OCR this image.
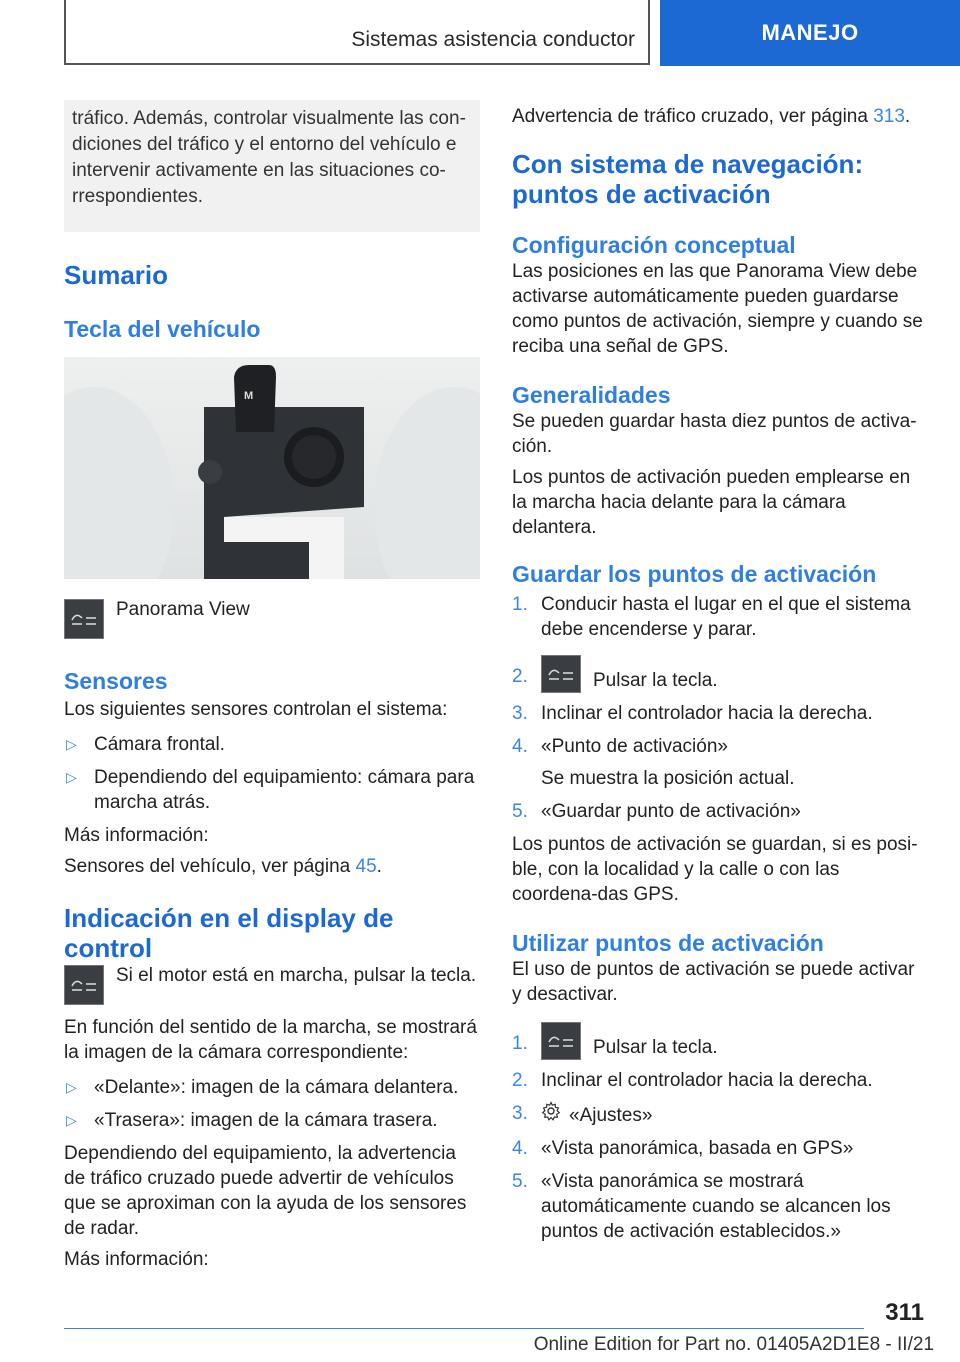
Sistemas asistencia conductor	MANEJO

tráfico. Además, controlar visualmente las con-diciones del tráfico y el entorno del vehículo e intervenir activamente en las situaciones co-rrespondientes.

Sumario
Tecla del vehículo
M

Panorama View

Sensores

Los siguientes sensores controlan el sistema:

▷ Cámara frontal.
▷ Dependiendo del equipamiento: cámara para marcha atrás.

Más información:

Sensores del vehículo, ver página 45.

Indicación en el display de control

Si el motor está en marcha, pulsar la tecla.

En función del sentido de la marcha, se mostrará la imagen de la cámara correspondiente:

▷ «Delante»: imagen de la cámara delantera.
▷ «Trasera»: imagen de la cámara trasera.

Dependiendo del equipamiento, la advertencia de tráfico cruzado puede advertir de vehículos que se aproximan con la ayuda de los sensores de radar.

Más información:

Advertencia de tráfico cruzado, ver página 313.

Con sistema de navegación: puntos de activación
Configuración conceptual

Las posiciones en las que Panorama View debe activarse automáticamente pueden guardarse como puntos de activación, siempre y cuando se reciba una señal de GPS.

Generalidades

Se pueden guardar hasta diez puntos de activa-ción.

Los puntos de activación pueden emplearse en la marcha hacia delante para la cámara delantera.

Guardar los puntos de activación
1. Conducir hasta el lugar en el que el sistema debe encenderse y parar.
2.	Pulsar la tecla.
3. Inclinar el controlador hacia la derecha.
4. «Punto de activación»
Se muestra la posición actual.
5. «Guardar punto de activación»

Los puntos de activación se guardan, si es posi-ble, con la localidad y la calle o con las coordena-das GPS.

Utilizar puntos de activación

El uso de puntos de activación se puede activar y desactivar.

1.	Pulsar la tecla.
2. Inclinar el controlador hacia la derecha.
3. «Ajustes»
4. «Vista panorámica, basada en GPS»
5. «Vista panorámica se mostrará automáticamente cuando se alcancen los puntos de activación establecidos.»
311
Online Edition for Part no. 01405A2D1E8 - II/21
